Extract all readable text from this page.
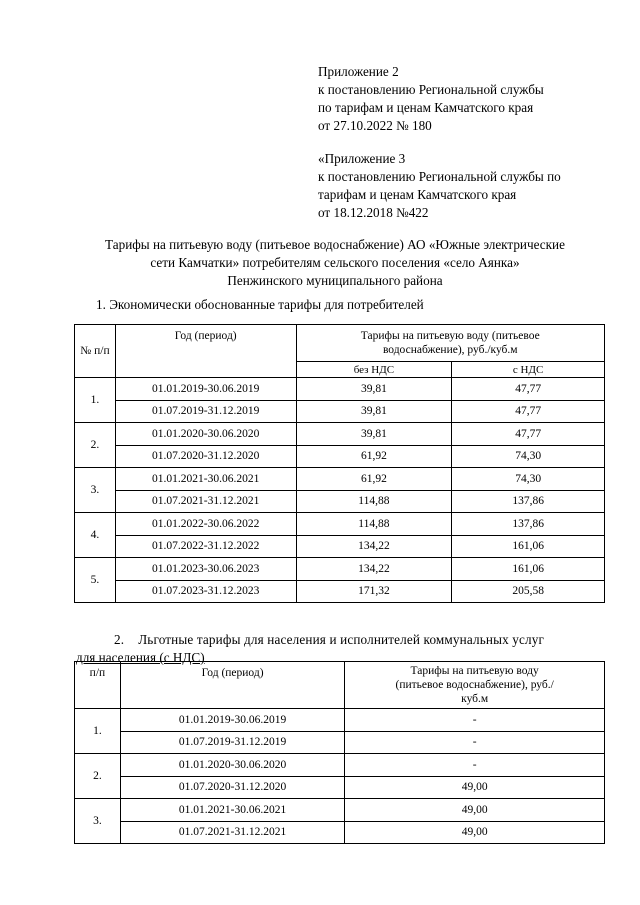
Приложение 2
к постановлению Региональной службы
по тарифам и ценам Камчатского края
от 27.10.2022 № 180
«Приложение 3
к постановлению Региональной службы по
тарифам и ценам Камчатского края
от 18.12.2018 №422
Тарифы на питьевую воду (питьевое водоснабжение) АО «Южные электрические
сети Камчатки» потребителям сельского поселения «село Аянка»
Пенжинского муниципального района
1. Экономически обоснованные тарифы для потребителей
№ п/п	Год (период)	Тарифы на питьевую воду (питьевое водоснабжение), руб./куб.м	
		без НДС	с НДС
1.	01.01.2019-30.06.2019	39,81	47,77
	01.07.2019-31.12.2019	39,81	47,77
2.	01.01.2020-30.06.2020	39,81	47,77
	01.07.2020-31.12.2020	61,92	74,30
3.	01.01.2021-30.06.2021	61,92	74,30
	01.07.2021-31.12.2021	114,88	137,86
4.	01.01.2022-30.06.2022	114,88	137,86
	01.07.2022-31.12.2022	134,22	161,06
5.	01.01.2023-30.06.2023	134,22	161,06
	01.07.2023-31.12.2023	171,32	205,58
2. Льготные тарифы для населения и исполнителей коммунальных услуг
для населения (с НДС)
п/п	Год (период)	Тарифы на питьевую воду (питьевое водоснабжение), руб./куб.м
1.	01.01.2019-30.06.2019	-
	01.07.2019-31.12.2019	-
2.	01.01.2020-30.06.2020	-
	01.07.2020-31.12.2020	49,00
3.	01.01.2021-30.06.2021	49,00
	01.07.2021-31.12.2021	49,00
